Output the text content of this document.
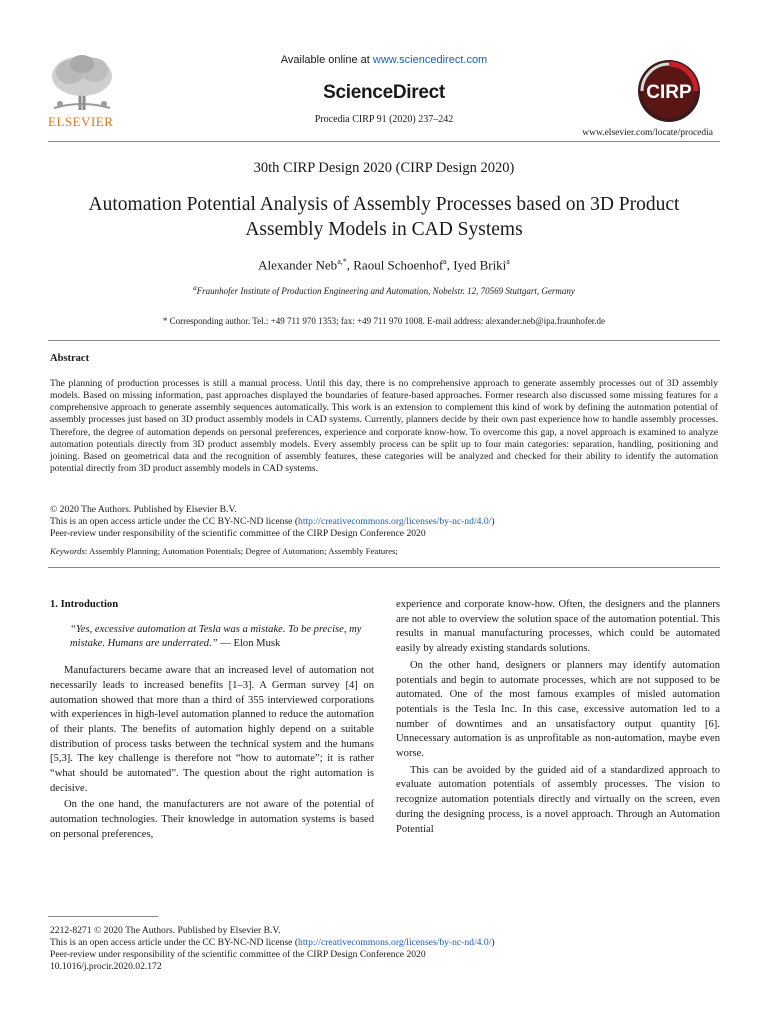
ELSEVIER
Available online at www.sciencedirect.com
ScienceDirect
Procedia CIRP 91 (2020) 237–242
CIRP
www.elsevier.com/locate/procedia
30th CIRP Design 2020 (CIRP Design 2020)
Automation Potential Analysis of Assembly Processes based on 3D Product
Assembly Models in CAD Systems
Alexander Neb$^{a,*}$, Raoul Schoenhof$^a$, Iyed Briki$^a$
$^a$Fraunhofer Institute of Production Engineering and Automation, Nobelstr. 12, 70569 Stuttgart, Germany
* Corresponding author. Tel.: +49 711 970 1353; fax: +49 711 970 1008. E-mail address: alexander.neb@ipa.fraunhofer.de
Abstract

The planning of production processes is still a manual process. Until this day, there is no comprehensive approach to generate assembly processes out of 3D assembly models. Based on missing information, past approaches displayed the boundaries of feature-based approaches. Former research also discussed some missing features for a comprehensive approach to generate assembly sequences automatically. This work is an extension to complement this kind of work by defining the automation potential of assembly processes just based on 3D product assembly models in CAD systems. Currently, planners decide by their own past experience how to handle assembly processes. Therefore, the degree of automation depends on personal preferences, experience and corporate know-how. To overcome this gap, a novel approach is examined to analyze automation potentials directly from 3D product assembly models. Every assembly process can be split up to four main categories: separation, handling, positioning and joining. Based on geometrical data and the recognition of assembly features, these categories will be analyzed and checked for their ability to identify the automation potential directly from 3D product assembly models in CAD systems.

© 2020 The Authors. Published by Elsevier B.V.
This is an open access article under the CC BY-NC-ND license (http://creativecommons.org/licenses/by-nc-nd/4.0/)
Peer-review under responsibility of the scientific committee of the CIRP Design Conference 2020
Keywords: Assembly Planning; Automation Potentials; Degree of Automation; Assembly Features;
1. Introduction
“Yes, excessive automation at Tesla was a mistake. To be precise, my mistake. Humans are underrated.” — Elon Musk

Manufacturers became aware that an increased level of automation not necessarily leads to increased benefits [1–3]. A German survey [4] on automation showed that more than a third of 355 interviewed corporations with experiences in high-level automation planned to reduce the automation of their plants. The benefits of automation highly depend on a suitable distribution of process tasks between the technical system and the humans [5,3]. The key challenge is therefore not “how to automate”; it is rather “what should be automated”. The question about the right automation is decisive.

On the one hand, the manufacturers are not aware of the potential of automation technologies. Their knowledge in automation systems is based on personal preferences,

experience and corporate know-how. Often, the designers and the planners are not able to overview the solution space of the automation potential. This results in manual manufacturing processes, which could be automated easily by already existing standards solutions.

On the other hand, designers or planners may identify automation potentials and begin to automate processes, which are not supposed to be automated. One of the most famous examples of misled automation potentials is the Tesla Inc. In this case, excessive automation led to a number of downtimes and an unsatisfactory output quantity [6]. Unnecessary automation is as unprofitable as non-automation, maybe even worse.

This can be avoided by the guided aid of a standardized approach to evaluate automation potentials of assembly processes. The vision to recognize automation potentials directly and virtually on the screen, even during the designing process, is a novel approach. Through an Automation Potential

2212-8271 © 2020 The Authors. Published by Elsevier B.V.
This is an open access article under the CC BY-NC-ND license (http://creativecommons.org/licenses/by-nc-nd/4.0/)
Peer-review under responsibility of the scientific committee of the CIRP Design Conference 2020
10.1016/j.procir.2020.02.172
